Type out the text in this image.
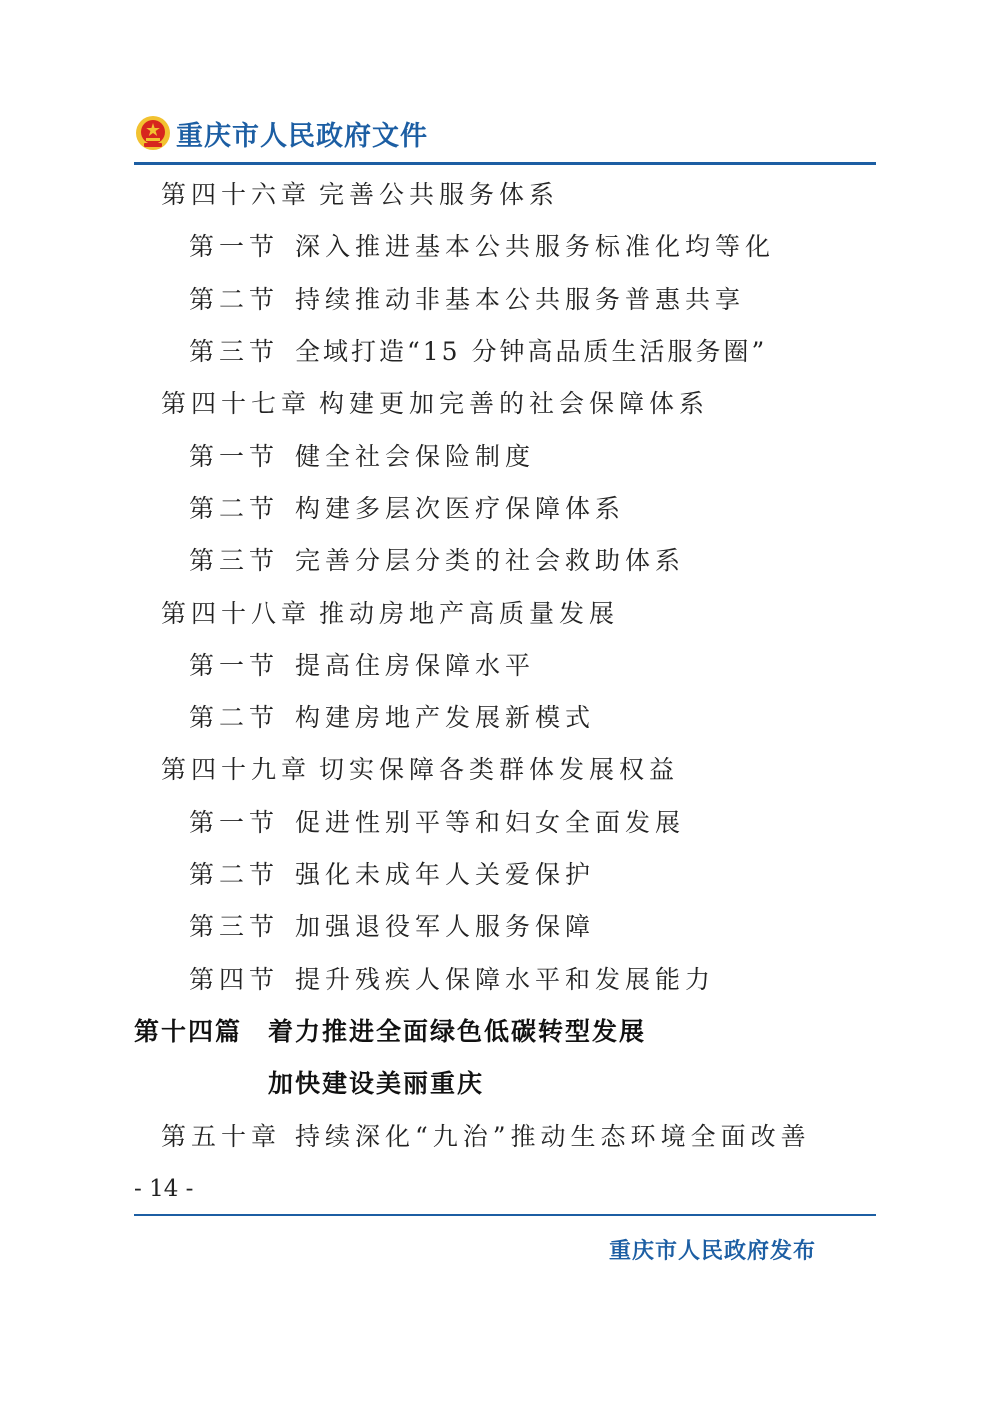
重庆市人民政府文件
第四十六章 完善公共服务体系
第一节 深入推进基本公共服务标准化均等化
第二节 持续推动非基本公共服务普惠共享
第三节 全域打造“15 分钟高品质生活服务圈”
第四十七章 构建更加完善的社会保障体系
第一节 健全社会保险制度
第二节 构建多层次医疗保障体系
第三节 完善分层分类的社会救助体系
第四十八章 推动房地产高质量发展
第一节 提高住房保障水平
第二节 构建房地产发展新模式
第四十九章 切实保障各类群体发展权益
第一节 促进性别平等和妇女全面发展
第二节 强化未成年人关爱保护
第三节 加强退役军人服务保障
第四节 提升残疾人保障水平和发展能力
第十四篇 着力推进全面绿色低碳转型发展
加快建设美丽重庆
第五十章 持续深化“九治”推动生态环境全面改善
- 14 -
重庆市人民政府发布
